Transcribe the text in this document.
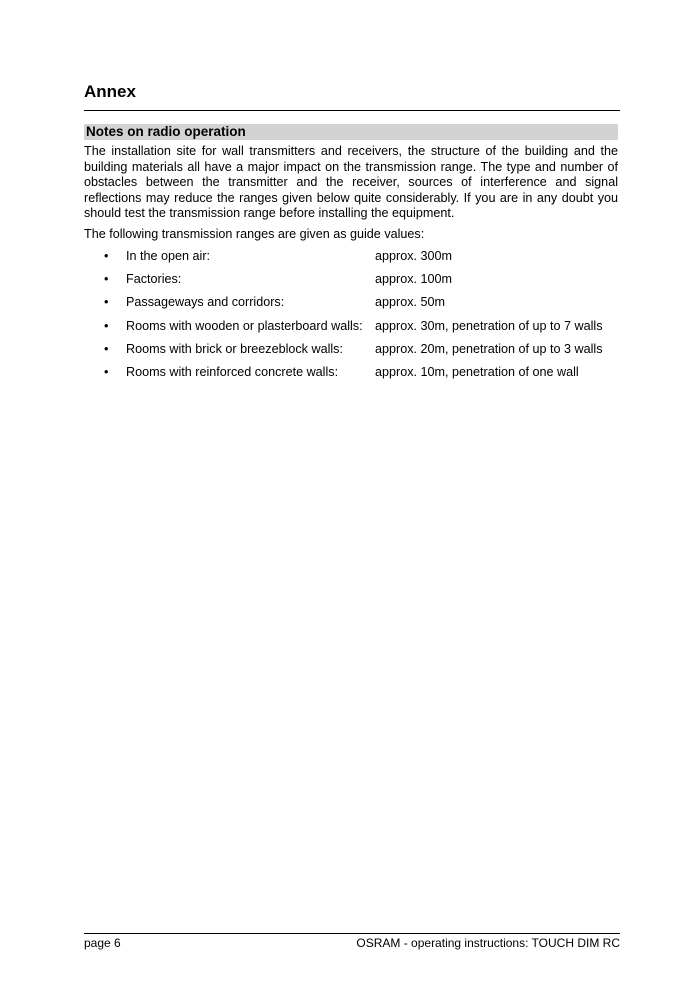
Annex
Notes on radio operation

The installation site for wall transmitters and receivers, the structure of the building and the building materials all have a major impact on the transmission range. The type and number of obstacles between the transmitter and the receiver, sources of interference and signal reflections may reduce the ranges given below quite considerably. If you are in any doubt you should test the transmission range before installing the equipment.

The following transmission ranges are given as guide values:

• In the open air:	approx. 300m
• Factories:	approx. 100m
• Passageways and corridors:	approx. 50m
• Rooms with wooden or plasterboard walls: approx. 30m, penetration of up to 7 walls
• Rooms with brick or breezeblock walls:	approx. 20m, penetration of up to 3 walls
• Rooms with reinforced concrete walls:	approx. 10m, penetration of one wall

page 6	OSRAM - operating instructions: TOUCH DIM RC
